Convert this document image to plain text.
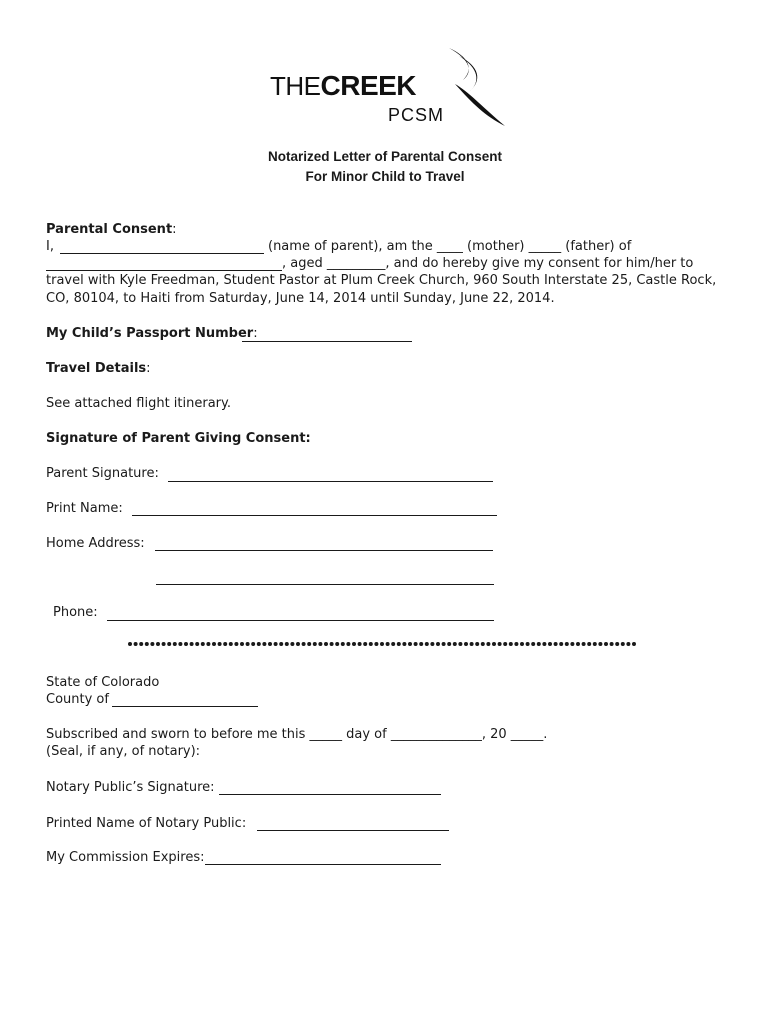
THECREEK
PCSM
Notarized Letter of Parental Consent
For Minor Child to Travel
Parental Consent:
I,	(name of parent), am the ____ (mother) _____ (father) of
, aged _________, and do hereby give my consent for him/her to
travel with Kyle Freedman, Student Pastor at Plum Creek Church, 960 South Interstate 25, Castle Rock,
CO, 80104, to Haiti from Saturday, June 14, 2014 until Sunday, June 22, 2014.
My Child’s Passport Number:
Travel Details:
See attached flight itinerary.
Signature of Parent Giving Consent:
Parent Signature:
Print Name:
Home Address:
Phone:
State of Colorado
County of
Subscribed and sworn to before me this _____ day of ______________, 20 _____.
(Seal, if any, of notary):
Notary Public’s Signature:
Printed Name of Notary Public:
My Commission Expires:
